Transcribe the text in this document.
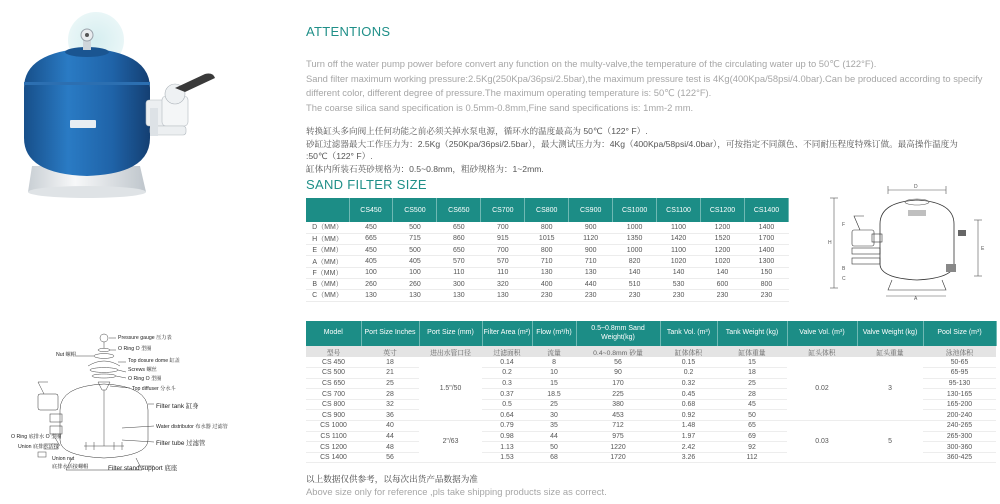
ATTENTIONS
Turn off the water pump power before convert any function on the multy-valve,the temperature of the circulating water up to 50℃ (122°F).
Sand filter maximum working pressure:2.5Kg(250Kpa/36psi/2.5bar),the maximum pressure test is 4Kg(400Kpa/58psi/4.0bar).Can be produced according to specify different color, different degree of pressure.The maximum operating temperature is: 50℃ (122°F).
The coarse silica sand specification is 0.5mm-0.8mm,Fine sand specifications is: 1mm-2 mm.
转换缸头多向阀上任何功能之前必须关掉水泵电源，循环水的温度最高为 50℃（122° F）.
砂缸过滤器最大工作压力为：2.5Kg（250Kpa/36psi/2.5bar），最大测试压力为：4Kg（400Kpa/58psi/4.0bar），可按指定不同颜色、不同耐压程度特殊订做。最高操作温度为 :50℃（122° F）.
缸体内所装石英砂规格为：0.5~0.8mm，粗砂规格为：1~2mm.
SAND FILTER SIZE
	CS450	CS500	CS650	CS700	CS800	CS900	CS1000	CS1100	CS1200	CS1400
D（MM）	450	500	650	700	800	900	1000	1100	1200	1400
H（MM）	665	715	860	915	1015	1120	1350	1420	1520	1700
E（MM）	450	500	650	700	800	900	1000	1100	1200	1400
A（MM）	405	405	570	570	710	710	820	1020	1020	1300
F（MM）	100	100	110	110	130	130	140	140	140	150
B（MM）	260	260	300	320	400	440	510	530	600	800
C（MM）	130	130	130	130	230	230	230	230	230	230
D
H
E
A
F
B
C
Pressure gauge 压力表
O Ring O 型圈
Nut 螺帽
Top dosure dome 缸盖
Screws 螺丝
O Ring O 型圈
Top diffuser 分水斗
Filter tank 缸身
Water distributor 布水器 过滤管
O Ring 底排水 O 型圈
Filter tube 过滤管
Union 底排水活接
Union nut
底排水活接螺帽	Filter stand support 底座
Model	Port Size Inches	Port Size (mm)	Filter Area (m²)	Flow (m³/h)	0.5~0.8mm Sand Weight(kg)	Tank Vol. (m³)	Tank Weight (kg)	Valve Vol. (m³)	Valve Weight (kg)	Pool Size (m³)
型号	英寸	进出水管口径	过滤面积	流量	0.4~0.8mm 砂量	缸体体积	缸体重量	缸头体积	缸头重量	泳池体积
CS 450	18	1.5"/50	0.14	8	56	0.15	15	0.02	3	50-65
CS 500	21		0.2	10	90	0.2	18			65-95
CS 650	25		0.3	15	170	0.32	25			95-130
CS 700	28		0.37	18.5	225	0.45	28			130-165
CS 800	32		0.5	25	380	0.68	45			165-200
CS 900	36		0.64	30	453	0.92	50			200-240
CS 1000	40	2"/63	0.79	35	712	1.48	65	0.03	5	240-265
CS 1100	44		0.98	44	975	1.97	69			265-300
CS 1200	48		1.13	50	1220	2.42	92			300-360
CS 1400	56		1.53	68	1720	3.26	112			360-425
以上数据仅供参考，以每次出货产品数据为准
Above size only for reference ,pls take shipping products size as correct.
